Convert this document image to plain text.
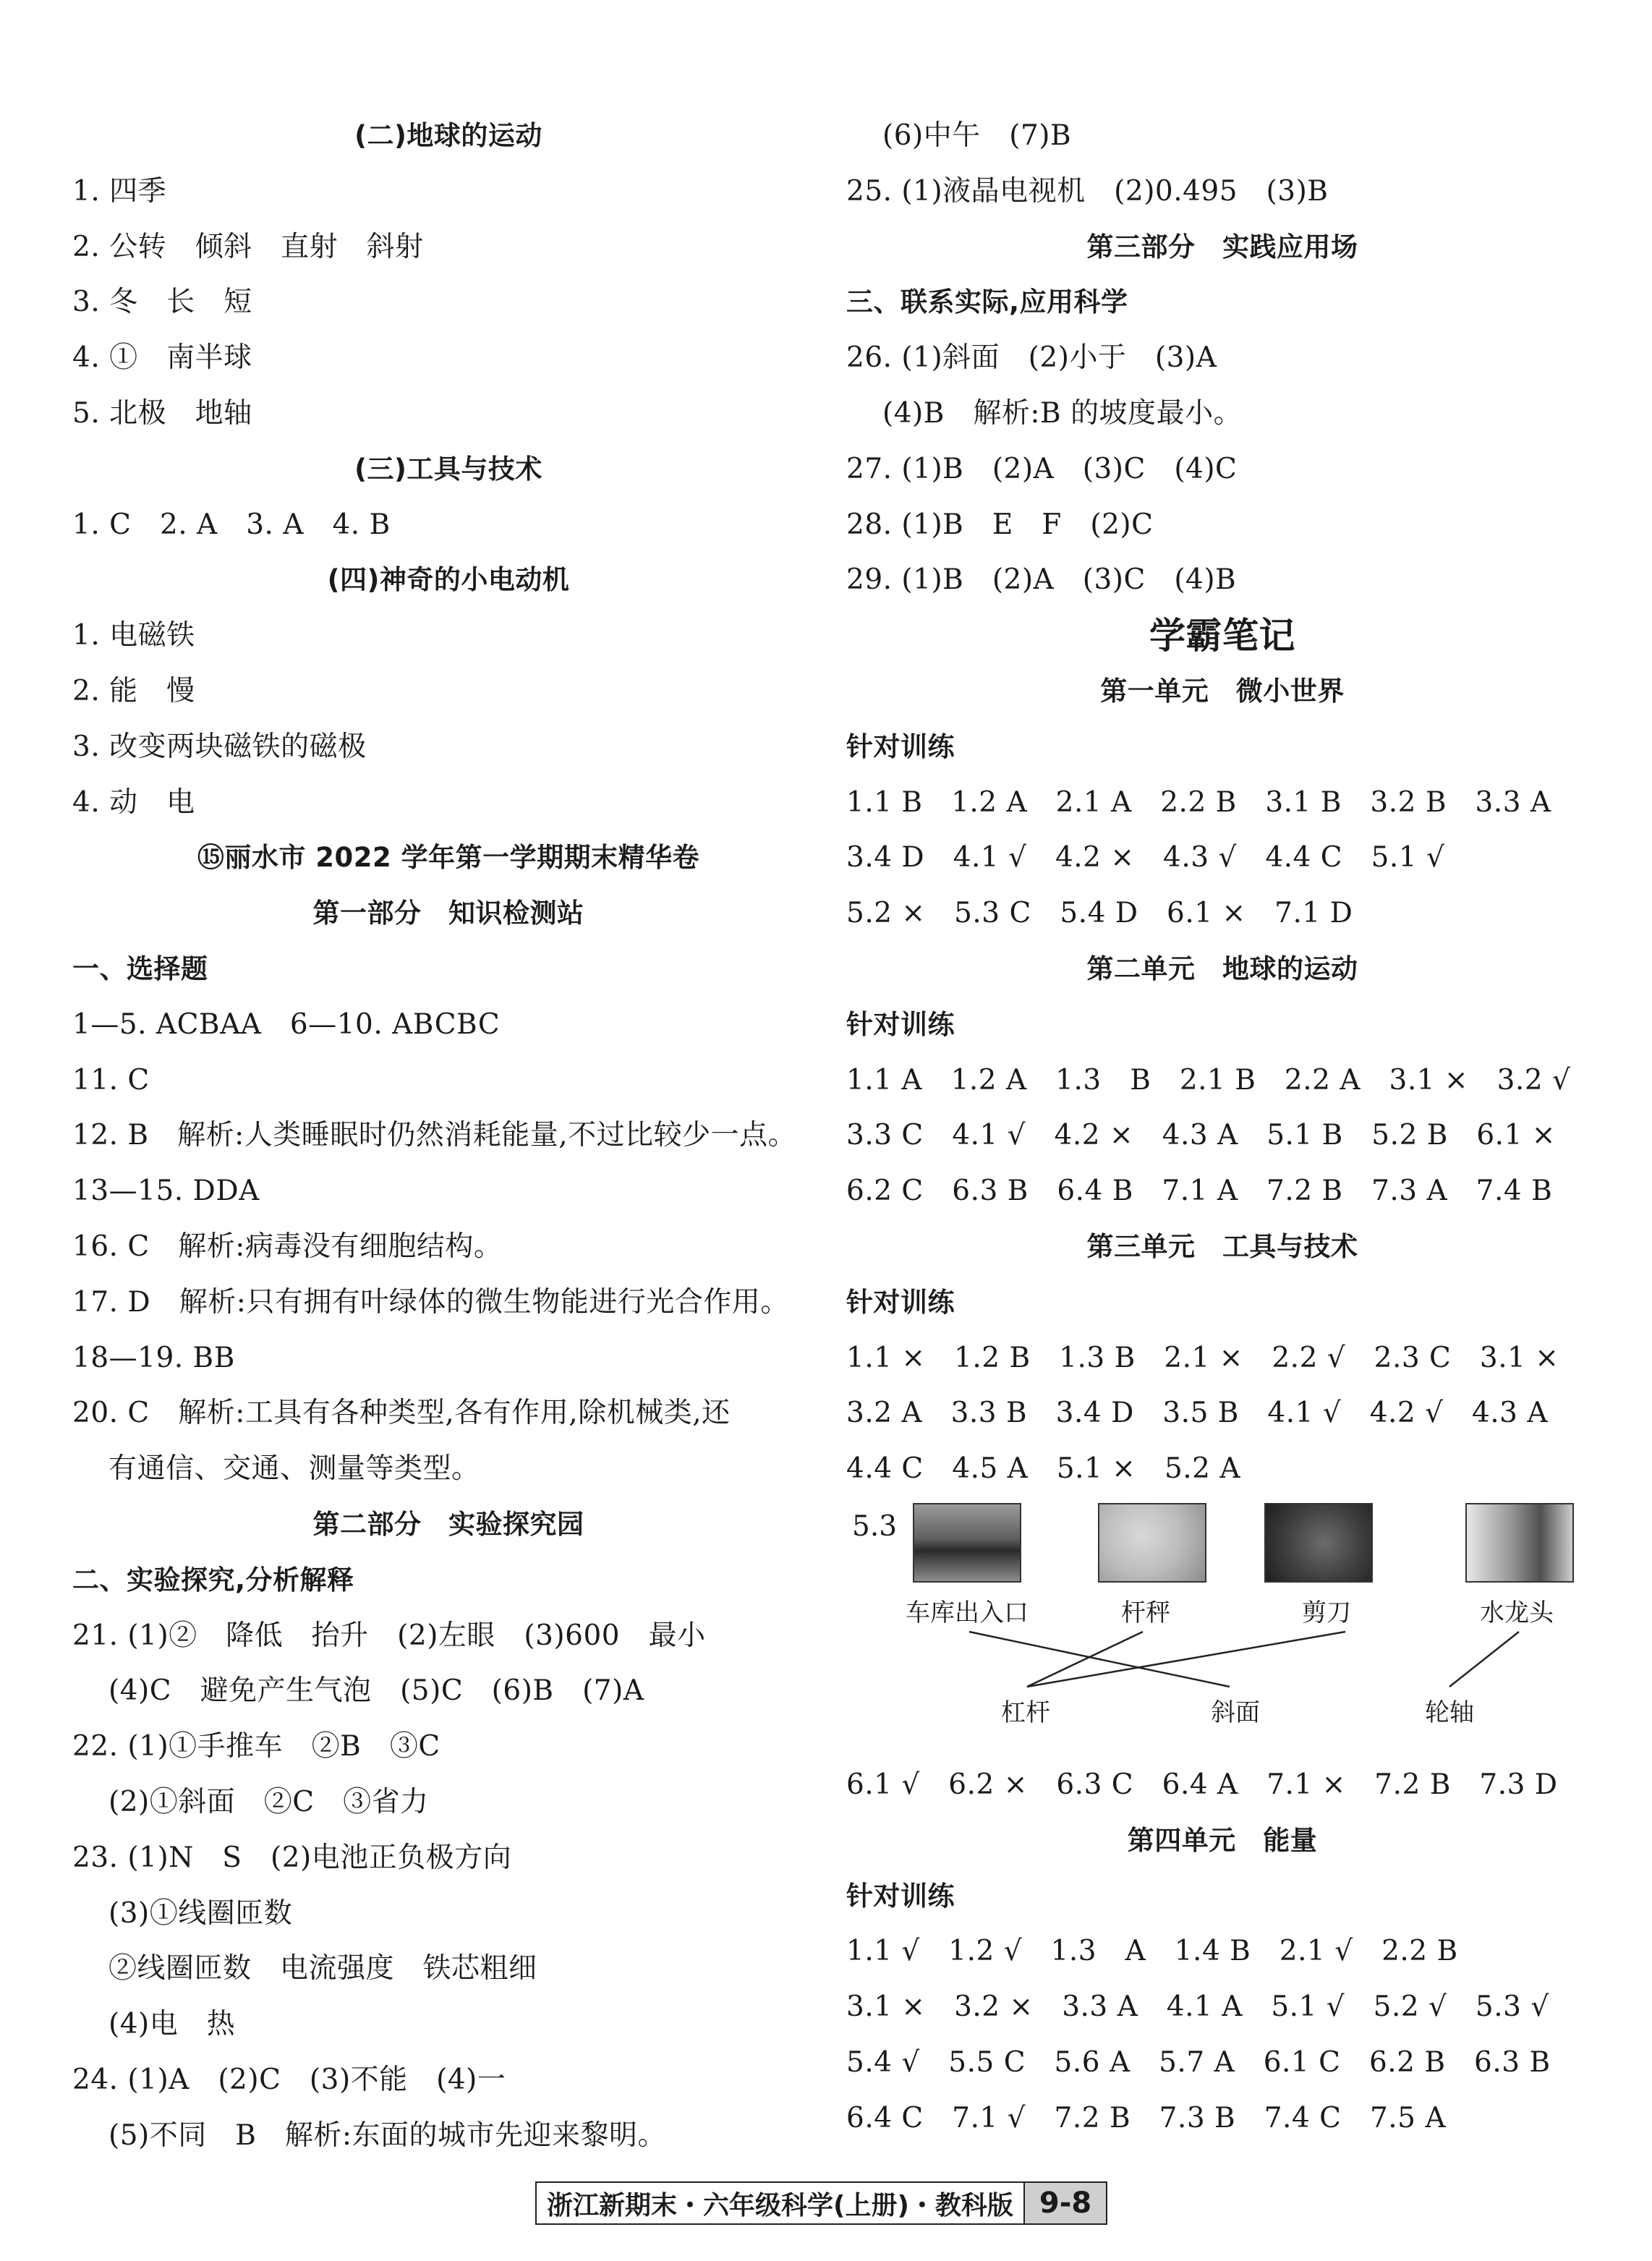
(二)地球的运动
1. 四季
2. 公转　倾斜　直射　斜射
3. 冬　长　短
4. ①　南半球
5. 北极　地轴
(三)工具与技术
1. C　2. A　3. A　4. B
(四)神奇的小电动机
1. 电磁铁
2. 能　慢
3. 改变两块磁铁的磁极
4. 动　电
⑮丽水市 2022 学年第一学期期末精华卷
第一部分　知识检测站
一、选择题
1—5. ACBAA　6—10. ABCBC
11. C
12. B　解析:人类睡眠时仍然消耗能量,不过比较少一点。
13—15. DDA
16. C　解析:病毒没有细胞结构。
17. D　解析:只有拥有叶绿体的微生物能进行光合作用。
18—19. BB
20. C　解析:工具有各种类型,各有作用,除机械类,还
有通信、交通、测量等类型。
第二部分　实验探究园
二、实验探究,分析解释
21. (1)②　降低　抬升　(2)左眼　(3)600　最小
(4)C　避免产生气泡　(5)C　(6)B　(7)A
22. (1)①手推车　②B　③C
(2)①斜面　②C　③省力
23. (1)N　S　(2)电池正负极方向
(3)①线圈匝数
②线圈匝数　电流强度　铁芯粗细
(4)电　热
24. (1)A　(2)C　(3)不能　(4)一
(5)不同　B　解析:东面的城市先迎来黎明。
(6)中午　(7)B
25. (1)液晶电视机　(2)0.495　(3)B
第三部分　实践应用场
三、联系实际,应用科学
26. (1)斜面　(2)小于　(3)A
(4)B　解析:B 的坡度最小。
27. (1)B　(2)A　(3)C　(4)C
28. (1)B　E　F　(2)C
29. (1)B　(2)A　(3)C　(4)B
学霸笔记
第一单元　微小世界
针对训练
1.1 B　1.2 A　2.1 A　2.2 B　3.1 B　3.2 B　3.3 A
3.4 D　4.1 √　4.2 ×　4.3 √　4.4 C　5.1 √
5.2 ×　5.3 C　5.4 D　6.1 ×　7.1 D
第二单元　地球的运动
针对训练
1.1 A　1.2 A　1.3　B　2.1 B　2.2 A　3.1 ×　3.2 √
3.3 C　4.1 √　4.2 ×　4.3 A　5.1 B　5.2 B　6.1 ×
6.2 C　6.3 B　6.4 B　7.1 A　7.2 B　7.3 A　7.4 B
第三单元　工具与技术
针对训练
1.1 ×　1.2 B　1.3 B　2.1 ×　2.2 √　2.3 C　3.1 ×
3.2 A　3.3 B　3.4 D　3.5 B　4.1 √　4.2 √　4.3 A
4.4 C　4.5 A　5.1 ×　5.2 A
5.3
车库出入口	杆秤	剪刀	水龙头
杠杆	斜面	轮轴
6.1 √　6.2 ×　6.3 C　6.4 A　7.1 ×　7.2 B　7.3 D
第四单元　能量
针对训练
1.1 √　1.2 √　1.3　A　1.4 B　2.1 √　2.2 B
3.1 ×　3.2 ×　3.3 A　4.1 A　5.1 √　5.2 √　5.3 √
5.4 √　5.5 C　5.6 A　5.7 A　6.1 C　6.2 B　6.3 B
6.4 C　7.1 √　7.2 B　7.3 B　7.4 C　7.5 A
浙江新期末・六年级科学(上册)・教科版 9-8
